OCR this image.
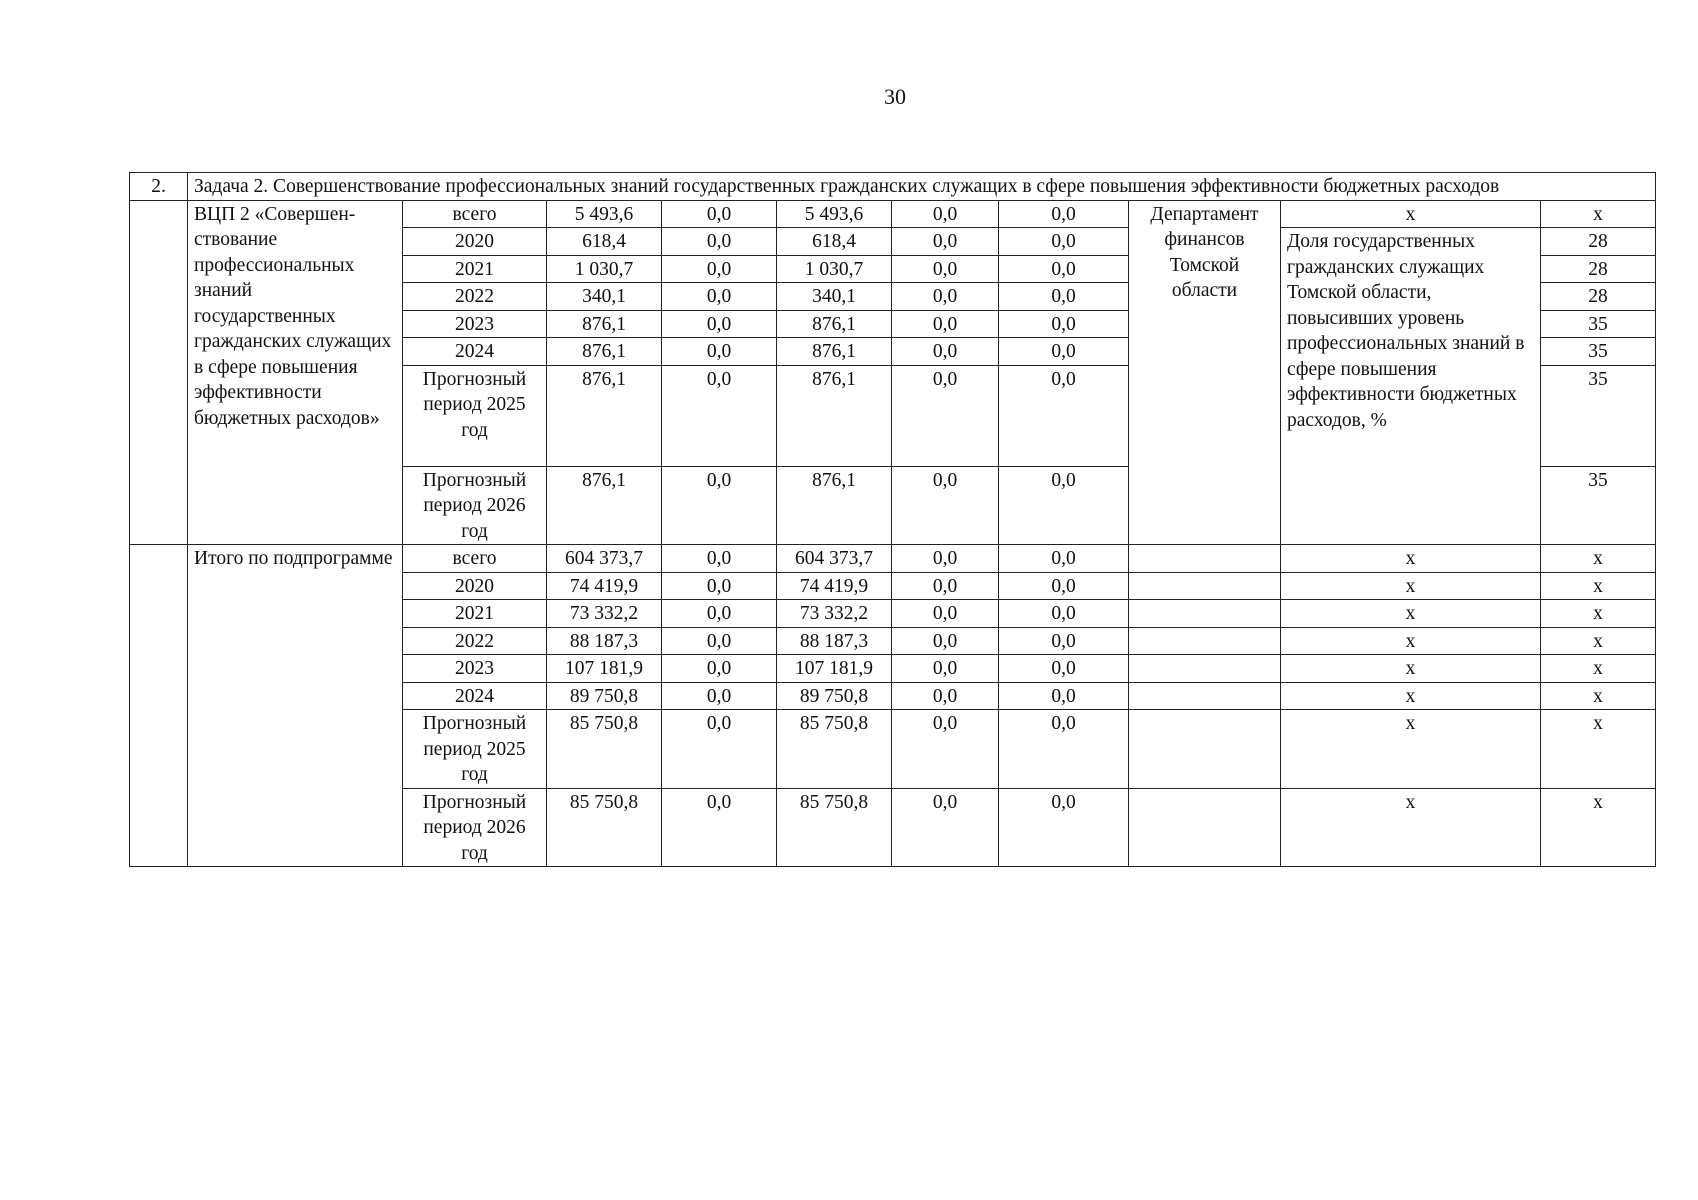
30
2.	Задача 2. Совершенствование профессиональных знаний государственных гражданских служащих в сфере повышения эффективности бюджетных расходов									
	ВЦП 2 «Совершен-ствование профессиональных знаний государственных гражданских служащих в сфере повышения эффективности бюджетных расходов»	всего	5 493,6	0,0	5 493,6	0,0	0,0	Департамент финансов Томской области	х	х
		2020	618,4	0,0	618,4	0,0	0,0		Доля государственных гражданских служащих Томской области, повысивших уровень профессиональных знаний в сфере повышения эффективности бюджетных расходов, %	28
		2021	1 030,7	0,0	1 030,7	0,0	0,0			28
		2022	340,1	0,0	340,1	0,0	0,0			28
		2023	876,1	0,0	876,1	0,0	0,0			35
		2024	876,1	0,0	876,1	0,0	0,0			35
		Прогнозный период 2025 год	876,1	0,0	876,1	0,0	0,0			35
		Прогнозный период 2026 год	876,1	0,0	876,1	0,0	0,0			35
	Итого по подпрограмме	всего	604 373,7	0,0	604 373,7	0,0	0,0		х	х
		2020	74 419,9	0,0	74 419,9	0,0	0,0		х	х
		2021	73 332,2	0,0	73 332,2	0,0	0,0		х	х
		2022	88 187,3	0,0	88 187,3	0,0	0,0		х	х
		2023	107 181,9	0,0	107 181,9	0,0	0,0		х	х
		2024	89 750,8	0,0	89 750,8	0,0	0,0		х	х
		Прогнозный период 2025 год	85 750,8	0,0	85 750,8	0,0	0,0		х	х
		Прогнозный период 2026 год	85 750,8	0,0	85 750,8	0,0	0,0		х	х
